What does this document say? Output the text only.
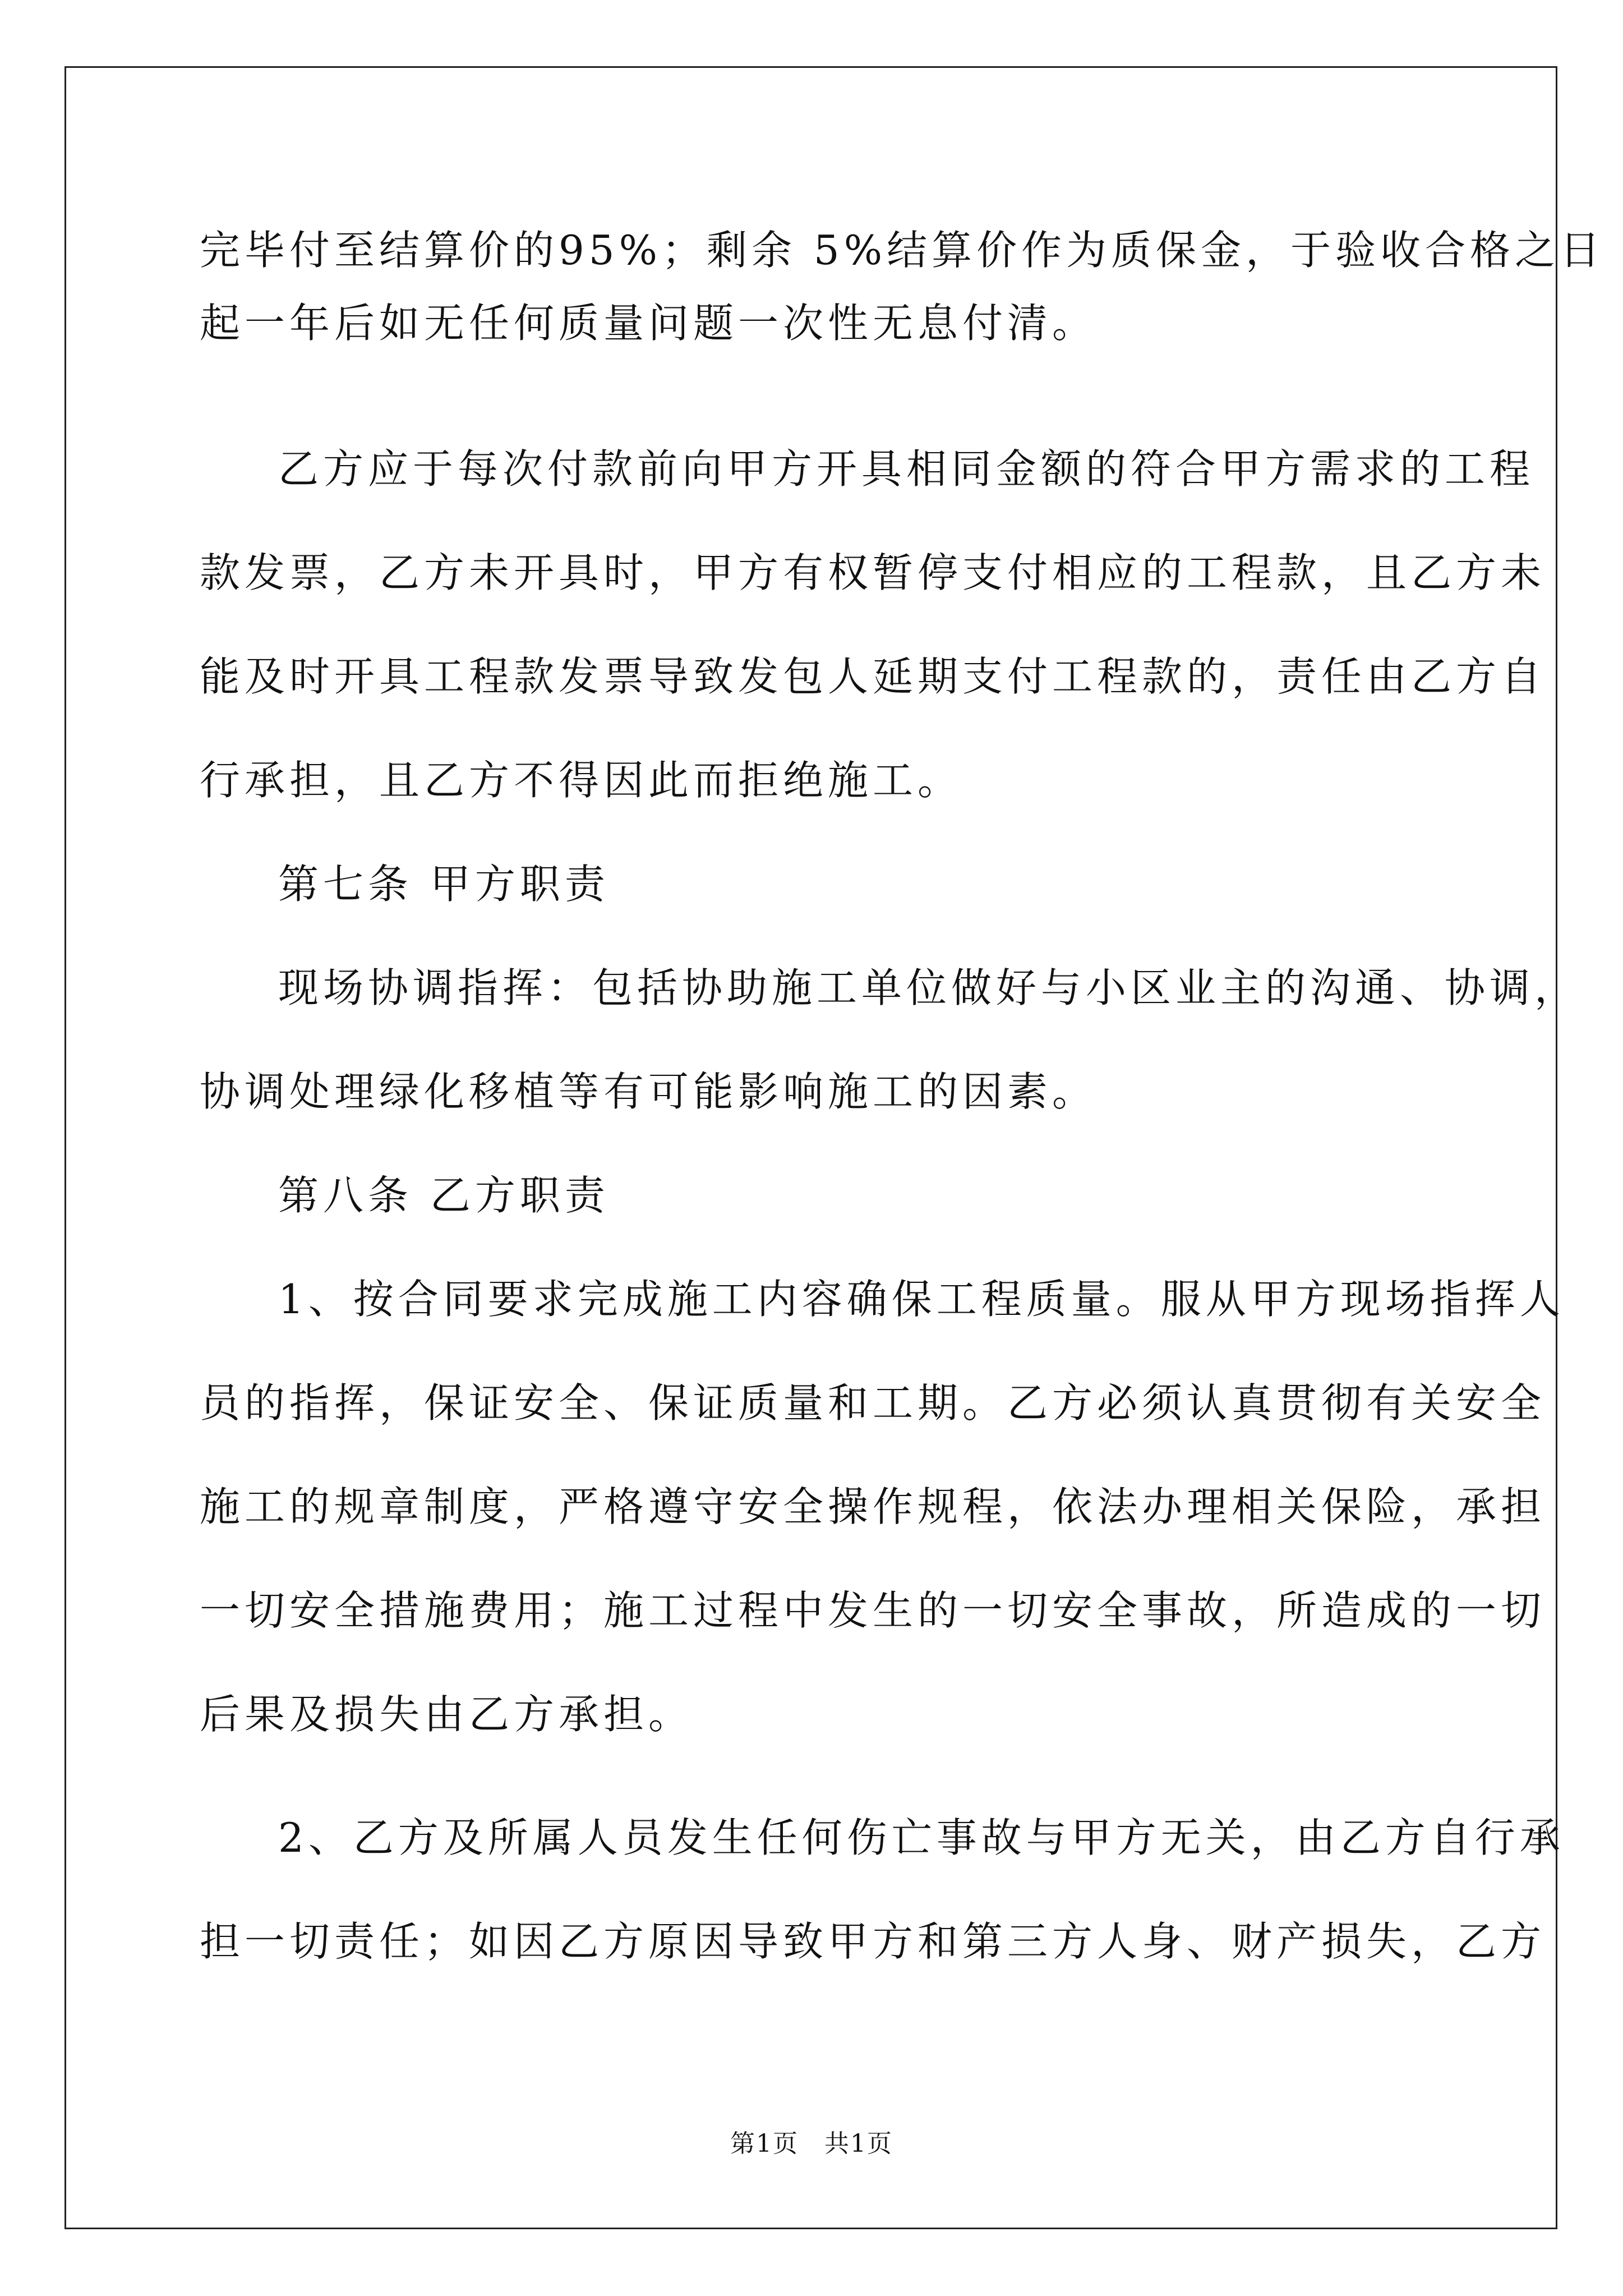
完毕付至结算价的95%；剩余 5%结算价作为质保金，于验收合格之日
起一年后如无任何质量问题一次性无息付清。
乙方应于每次付款前向甲方开具相同金额的符合甲方需求的工程
款发票，乙方未开具时，甲方有权暂停支付相应的工程款，且乙方未
能及时开具工程款发票导致发包人延期支付工程款的，责任由乙方自
行承担，且乙方不得因此而拒绝施工。
第七条 甲方职责
现场协调指挥：包括协助施工单位做好与小区业主的沟通、协调，
协调处理绿化移植等有可能影响施工的因素。
第八条 乙方职责
1、按合同要求完成施工内容确保工程质量。服从甲方现场指挥人
员的指挥，保证安全、保证质量和工期。乙方必须认真贯彻有关安全
施工的规章制度，严格遵守安全操作规程，依法办理相关保险，承担
一切安全措施费用；施工过程中发生的一切安全事故，所造成的一切
后果及损失由乙方承担。
2、乙方及所属人员发生任何伤亡事故与甲方无关，由乙方自行承
担一切责任；如因乙方原因导致甲方和第三方人身、财产损失，乙方
第1页　共1页
